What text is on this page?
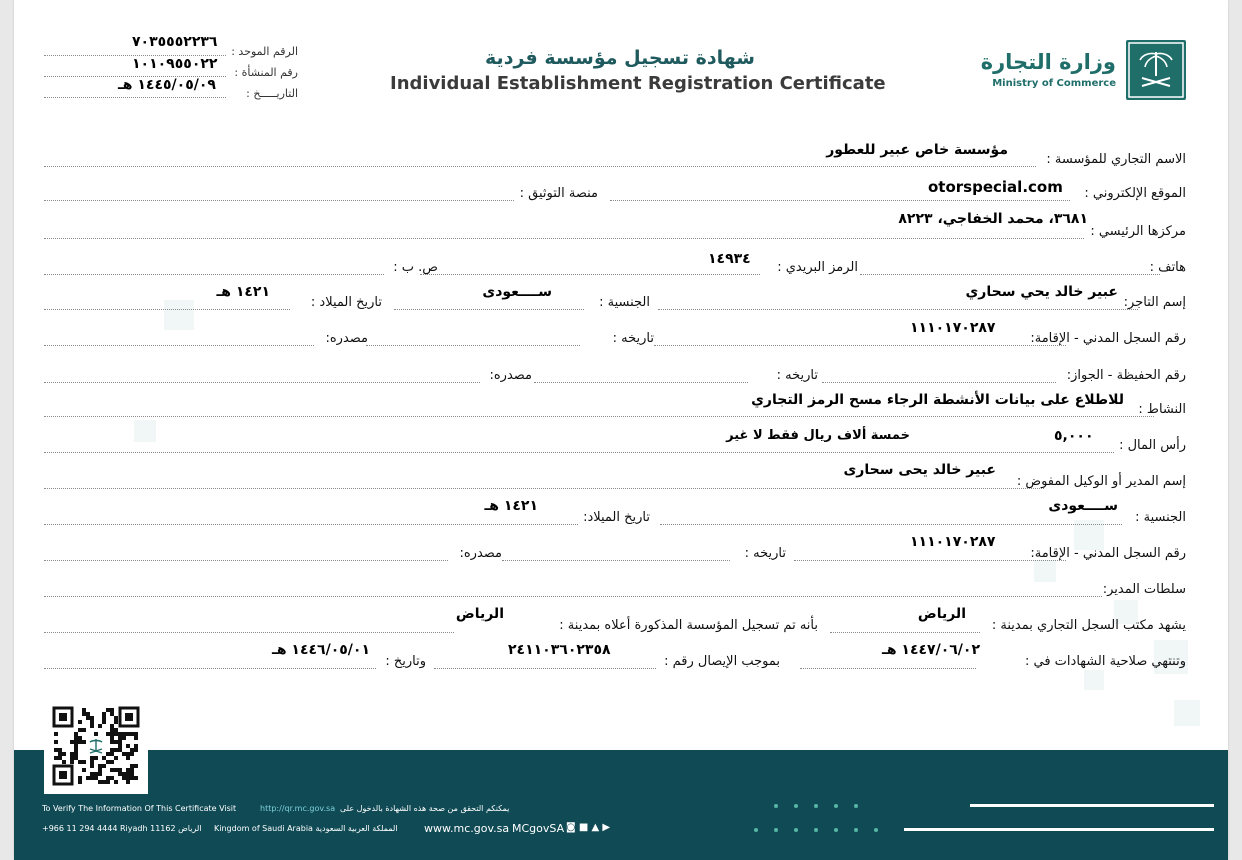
وزارة التجارة
Ministry of Commerce
شهادة تسجيل مؤسسة فردية
Individual Establishment Registration Certificate
الرقم الموحد :
٧٠٣٥٥٥٢٢٣٦
رقم المنشأة :
١٠١٠٩٥٥٠٢٢
التاريـــــخ :
١٤٤٥/٠٥/٠٩ هـ
الاسم التجاري للمؤسسة :
مؤسسة خاص عبير للعطور
الموقع الإلكتروني :
otorspecial.com
منصة التوثيق :
مركزها الرئيسي :
٣٦٨١، محمد الخفاجي، ٨٢٢٣
هاتف :
الرمز البريدي :
١٤٩٣٤
ص. ب :
إسم التاجر:
عبير خالد يحي سحاري
الجنسية :
ســــعودى
تاريخ الميلاد :
١٤٢١ هـ
رقم السجل المدني - الإقامة:
١١١٠١٧٠٢٨٧
تاريخه :
مصدره:
رقم الحفيظة - الجواز:
تاريخه :
مصدره:
النشاط :
للاطلاع على بيانات الأنشطة الرجاء مسح الرمز التجاري
رأس المال :
٥,٠٠٠
خمسة ألاف
ريال فقط لا غير
إسم المدير أو الوكيل المفوض :
عبير خالد يحى سحارى
الجنسية :
ســــعودى
تاريخ الميلاد:
١٤٢١ هـ
رقم السجل المدني - الإقامة:
١١١٠١٧٠٢٨٧
تاريخه :
مصدره:
سلطات المدير:
يشهد مكتب السجل التجاري بمدينة :
الرياض
بأنه تم تسجيل المؤسسة المذكورة أعلاه بمدينة :
الرياض
وتنتهي صلاحية الشهادات في :
١٤٤٧/٠٦/٠٢ هـ
بموجب الإيصال رقم :
٢٤١١٠٣٦٠٢٣٥٨
وتاريخ :
١٤٤٦/٠٥/٠١ هـ
To Verify The Information Of This Certificate Visit	http://qr.mc.gov.sa يمكنكم التحقق من صحة هذه الشهادة بالدخول على
+966 11 294 4444 Riyadh 11162 الرياض Kingdom of Saudi Arabia المملكة العربية السعودية www.mc.gov.sa MCgovSA ◙ ■ ▲ ▶
